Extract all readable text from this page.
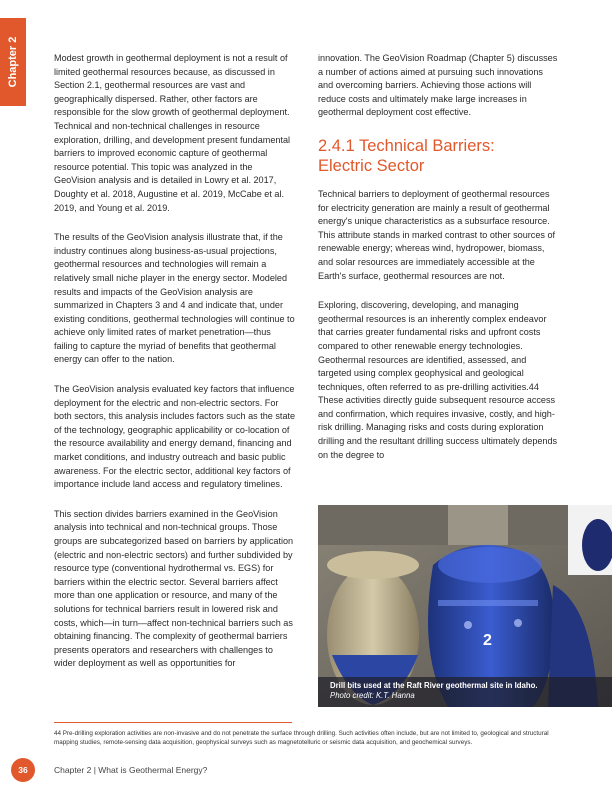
Chapter 2	Modest growth in geothermal deployment is not a result of limited geothermal resources because, as discussed in Section 2.1, geothermal resources are vast and geographically dispersed. Rather, other factors are responsible for the slow growth of geothermal deployment. Technical and non-technical challenges in resource exploration, drilling, and development present fundamental barriers to improved economic capture of geothermal resource potential. This topic was analyzed in the GeoVision analysis and is detailed in Lowry et al. 2017, Doughty et al. 2018, Augustine et al. 2019, McCabe et al. 2019, and Young et al. 2019.

The results of the GeoVision analysis illustrate that, if the industry continues along business-as-usual projections, geothermal resources and technologies will remain a relatively small niche player in the energy sector. Modeled results and impacts of the GeoVision analysis are summarized in Chapters 3 and 4 and indicate that, under existing conditions, geothermal technologies will continue to achieve only limited rates of market penetration—thus failing to capture the myriad of benefits that geothermal energy can offer to the nation.

The GeoVision analysis evaluated key factors that influence deployment for the electric and non-electric sectors. For both sectors, this analysis includes factors such as the state of the technology, geographic applicability or co-location of the resource availability and energy demand, financing and market conditions, and industry outreach and basic public awareness. For the electric sector, additional key factors of importance include land access and regulatory timelines.

This section divides barriers examined in the GeoVision analysis into technical and non-technical groups. Those groups are subcategorized based on barriers by application (electric and non-electric sectors) and further subdivided by resource type (conventional hydrothermal vs. EGS) for barriers within the electric sector. Several barriers affect more than one application or resource, and many of the solutions for technical barriers result in lowered risk and costs, which—in turn—affect non-technical barriers such as obtaining financing. The complexity of geothermal barriers presents operators and researchers with challenges to wider deployment as well as opportunities for

innovation. The GeoVision Roadmap (Chapter 5) discusses a number of actions aimed at pursuing such innovations and overcoming barriers. Achieving those actions will reduce costs and ultimately make large increases in geothermal deployment cost effective.

2.4.1 Technical Barriers:
Electric Sector

Technical barriers to deployment of geothermal resources for electricity generation are mainly a result of geothermal energy's unique characteristics as a subsurface resource. This attribute stands in marked contrast to other sources of renewable energy; whereas wind, hydropower, biomass, and solar resources are immediately accessible at the Earth's surface, geothermal resources are not.

Exploring, discovering, developing, and managing geothermal resources is an inherently complex endeavor that carries greater fundamental risks and upfront costs compared to other renewable energy technologies. Geothermal resources are identified, assessed, and targeted using complex geophysical and geological techniques, often referred to as pre-drilling activities.44 These activities directly guide subsequent resource access and confirmation, which requires invasive, costly, and high-risk drilling. Managing risks and costs during exploration drilling and the resultant drilling success ultimately depends on the degree to

2
Drill bits used at the Raft River geothermal site in Idaho.
Photo credit: K.T. Hanna
44 Pre-drilling exploration activities are non-invasive and do not penetrate the surface through drilling. Such activities often include, but are not limited to, geological and structural mapping studies, remote-sensing data acquisition, geophysical surveys such as magnetotelluric or seismic data acquisition, and geochemical surveys.
36	Chapter 2 | What is Geothermal Energy?
